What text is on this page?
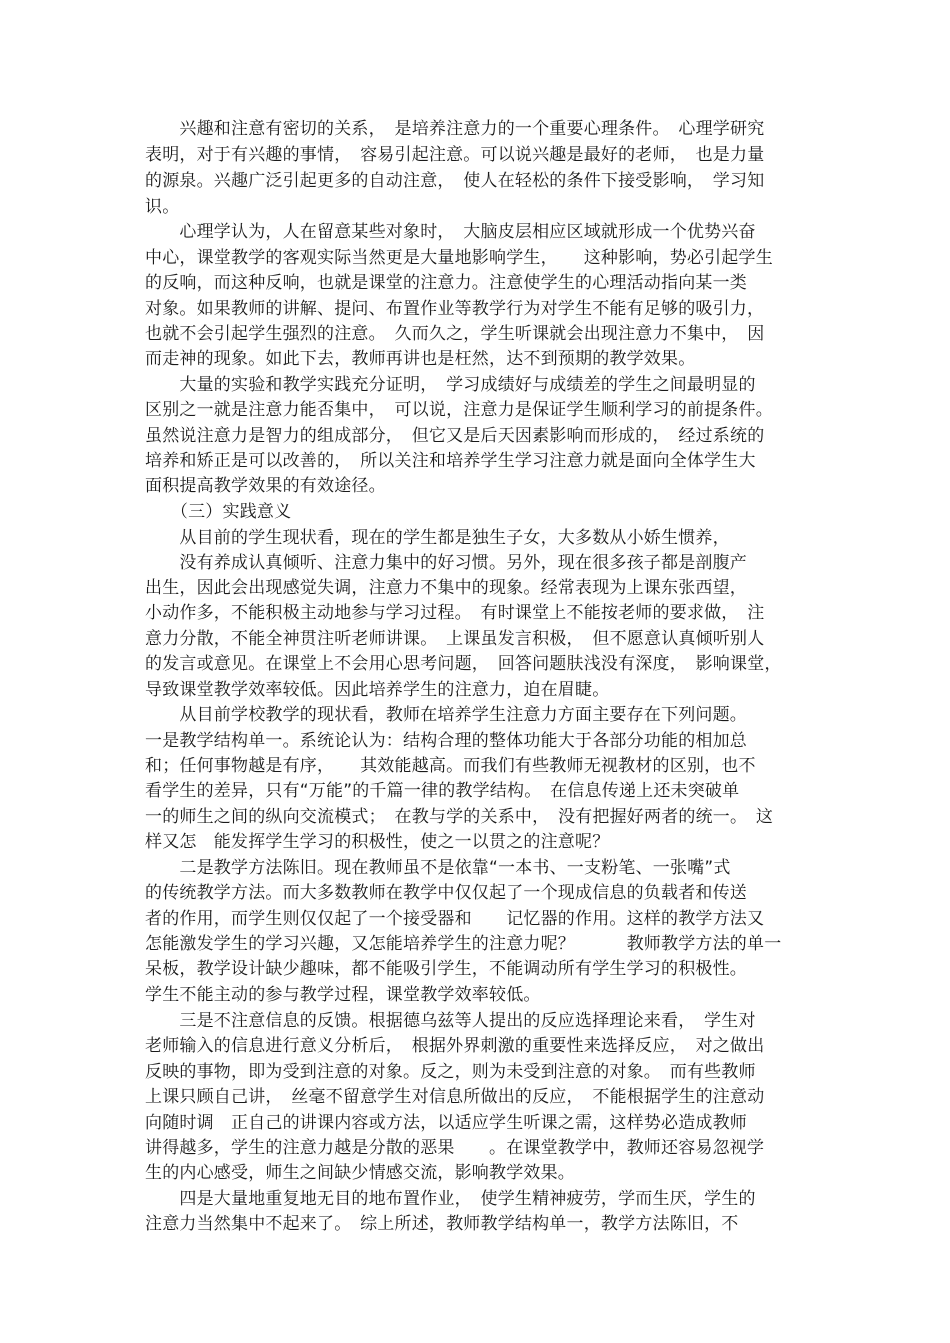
　　兴趣和注意有密切的关系，　是培养注意力的一个重要心理条件。　心理学研究
表明，对于有兴趣的事情，　容易引起注意。可以说兴趣是最好的老师，　也是力量
的源泉。兴趣广泛引起更多的自动注意，　使人在轻松的条件下接受影响，　学习知
识。
　　心理学认为，人在留意某些对象时，　大脑皮层相应区域就形成一个优势兴奋
中心，课堂教学的客观实际当然更是大量地影响学生，　　这种影响，势必引起学生
的反响，而这种反响，也就是课堂的注意力。注意使学生的心理活动指向某一类
对象。如果教师的讲解、提问、布置作业等教学行为对学生不能有足够的吸引力，
也就不会引起学生强烈的注意。　久而久之，学生听课就会出现注意力不集中，　因
而走神的现象。如此下去，教师再讲也是枉然，达不到预期的教学效果。
　　大量的实验和教学实践充分证明，　学习成绩好与成绩差的学生之间最明显的
区别之一就是注意力能否集中，　可以说，注意力是保证学生顺利学习的前提条件。
虽然说注意力是智力的组成部分，　但它又是后天因素影响而形成的，　经过系统的
培养和矫正是可以改善的，　所以关注和培养学生学习注意力就是面向全体学生大
面积提高教学效果的有效途径。
　　（三）实践意义
　　从目前的学生现状看，现在的学生都是独生子女，大多数从小娇生惯养，
　　没有养成认真倾听、注意力集中的好习惯。另外，现在很多孩子都是剖腹产
出生，因此会出现感觉失调，注意力不集中的现象。经常表现为上课东张西望，
小动作多，不能积极主动地参与学习过程。　有时课堂上不能按老师的要求做，　注
意力分散，不能全神贯注听老师讲课。　上课虽发言积极，　但不愿意认真倾听别人
的发言或意见。在课堂上不会用心思考问题，　回答问题肤浅没有深度，　影响课堂，
导致课堂教学效率较低。因此培养学生的注意力，迫在眉睫。
　　从目前学校教学的现状看，教师在培养学生注意力方面主要存在下列问题。
一是教学结构单一。系统论认为：结构合理的整体功能大于各部分功能的相加总
和；任何事物越是有序，　　其效能越高。而我们有些教师无视教材的区别，也不
看学生的差异，只有“万能”的千篇一律的教学结构。　在信息传递上还未突破单
一的师生之间的纵向交流模式；　在教与学的关系中，　没有把握好两者的统一。　这
样又怎　能发挥学生学习的积极性，使之一以贯之的注意呢？
　　二是教学方法陈旧。现在教师虽不是依靠“一本书、一支粉笔、一张嘴”式
的传统教学方法。而大多数教师在教学中仅仅起了一个现成信息的负载者和传送
者的作用，而学生则仅仅起了一个接受器和　　记忆器的作用。这样的教学方法又
怎能激发学生的学习兴趣，又怎能培养学生的注意力呢？　　　教师教学方法的单一
呆板，教学设计缺少趣味，都不能吸引学生，不能调动所有学生学习的积极性。
学生不能主动的参与教学过程，课堂教学效率较低。
　　三是不注意信息的反馈。根据德乌兹等人提出的反应选择理论来看，　学生对
老师输入的信息进行意义分析后，　根据外界刺激的重要性来选择反应，　对之做出
反映的事物，即为受到注意的对象。反之，则为未受到注意的对象。　而有些教师
上课只顾自己讲，　丝毫不留意学生对信息所做出的反应，　不能根据学生的注意动
向随时调　正自己的讲课内容或方法，以适应学生听课之需，这样势必造成教师
讲得越多，学生的注意力越是分散的恶果　　。在课堂教学中，教师还容易忽视学
生的内心感受，师生之间缺少情感交流，影响教学效果。
　　四是大量地重复地无目的地布置作业，　使学生精神疲劳，学而生厌，学生的
注意力当然集中不起来了。　综上所述，教师教学结构单一，教学方法陈旧，不
